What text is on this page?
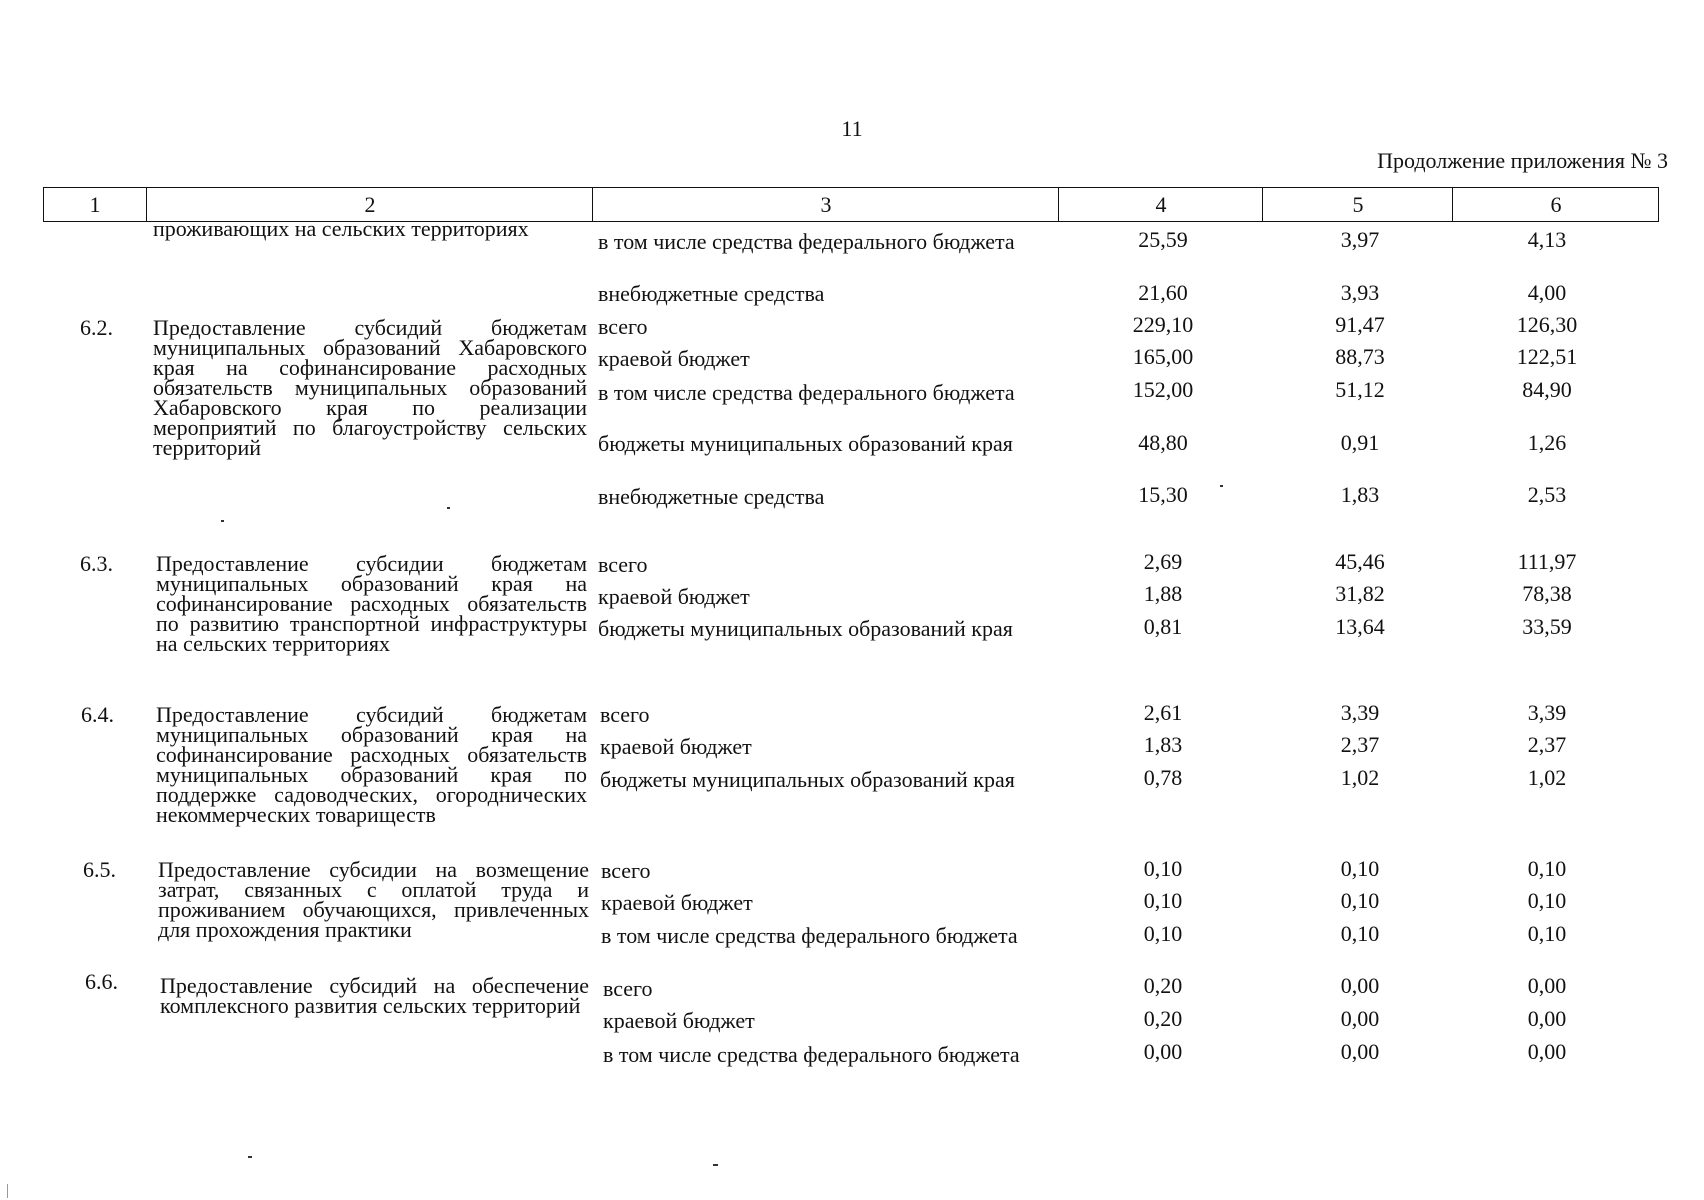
11
Продолжение приложения № 3
1	2	3	4	5	6
проживающих на сельских территориях
в том числе средства федерального бюджета	25,59	3,97	4,13
внебюджетные средства	21,60	3,93	4,00
6.2.	Предоставление субсидий бюджетам муниципальных образований Хабаровского края на софинансирование расходных обязательств муниципальных образований Хабаровского края по реализации мероприятий по благоустройству сельских территорий
всего	229,10	91,47	126,30
краевой бюджет	165,00	88,73	122,51
в том числе средства федерального бюджета	152,00	51,12	84,90
бюджеты муниципальных образований края	48,80	0,91	1,26
внебюджетные средства	15,30	1,83	2,53
6.3.	Предоставление субсидии бюджетам муниципальных образований края на софинансирование расходных обязательств по развитию транспортной инфраструктуры на сельских территориях
всего	2,69	45,46	111,97
краевой бюджет	1,88	31,82	78,38
бюджеты муниципальных образований края	0,81	13,64	33,59
6.4.	Предоставление субсидий бюджетам муниципальных образований края на софинансирование расходных обязательств муниципальных образований края по поддержке садоводческих, огороднических некоммерческих товариществ
всего	2,61	3,39	3,39
краевой бюджет	1,83	2,37	2,37
бюджеты муниципальных образований края	0,78	1,02	1,02
6.5.	Предоставление субсидии на возмещение затрат, связанных с оплатой труда и проживанием обучающихся, привлеченных для прохождения практики
всего	0,10	0,10	0,10
краевой бюджет	0,10	0,10	0,10
в том числе средства федерального бюджета	0,10	0,10	0,10
6.6.	Предоставление субсидий на обеспечение комплексного развития сельских территорий
всего	0,20	0,00	0,00
краевой бюджет	0,20	0,00	0,00
в том числе средства федерального бюджета	0,00	0,00	0,00
